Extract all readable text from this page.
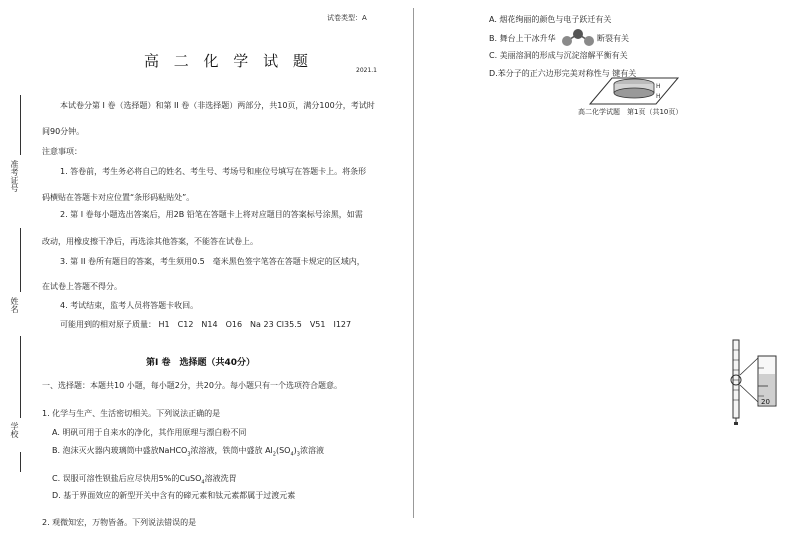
试卷类型：A
高 二 化 学 试 题
2021.1
准考证号
姓名
学校
本试卷分第 I 卷（选择题）和第 II 卷（非选择题）两部分，共10页，满分100分，考试时
间90分钟。
注意事项：
1. 答卷前，考生务必将自己的姓名、考生号、考场号和座位号填写在答题卡上。将条形
码横贴在答题卡对应位置“条形码粘贴处”。
2. 第 I 卷每小题选出答案后，用2B 铅笔在答题卡上将对应题目的答案标号涂黑，如需
改动，用橡皮擦干净后，再选涂其他答案，不能答在试卷上。
3. 第 II 卷所有题目的答案，考生须用0.5　毫米黑色签字笔答在答题卡规定的区域内，
在试卷上答题不得分。
4. 考试结束，监考人员将答题卡收回。
可能用到的相对原子质量： H1　C12　N14　O16　Na 23 Cl35.5　V51　I127
第I 卷　选择题（共40分）
一、选择题：本题共10 小题，每小题2分，共20分。每小题只有一个选项符合题意。
1. 化学与生产、生活密切相关。下列说法正确的是
A. 明矾可用于自来水的净化，其作用原理与漂白粉不同
B. 泡沫灭火器内玻璃筒中盛放NaHCO$_3$浓溶液，铁筒中盛放 $Al_2(SO_4)_3$浓溶液
C. 误服可溶性钡盐后应尽快用5%的CuSO$_4$溶液洗胃
D. 基于界面效应的新型开关中含有的碲元素和钛元素都属于过渡元素
2. 观微知宏，万物皆备。下列说法错误的是
A. 烟花绚丽的颜色与电子跃迁有关
B. 舞台上干冰升华	断裂有关
C. 美丽溶洞的形成与沉淀溶解平衡有关
D.苯分子的正六边形完美对称性与 键有关
H
H
高二化学试题　第1页（共10页）
20
